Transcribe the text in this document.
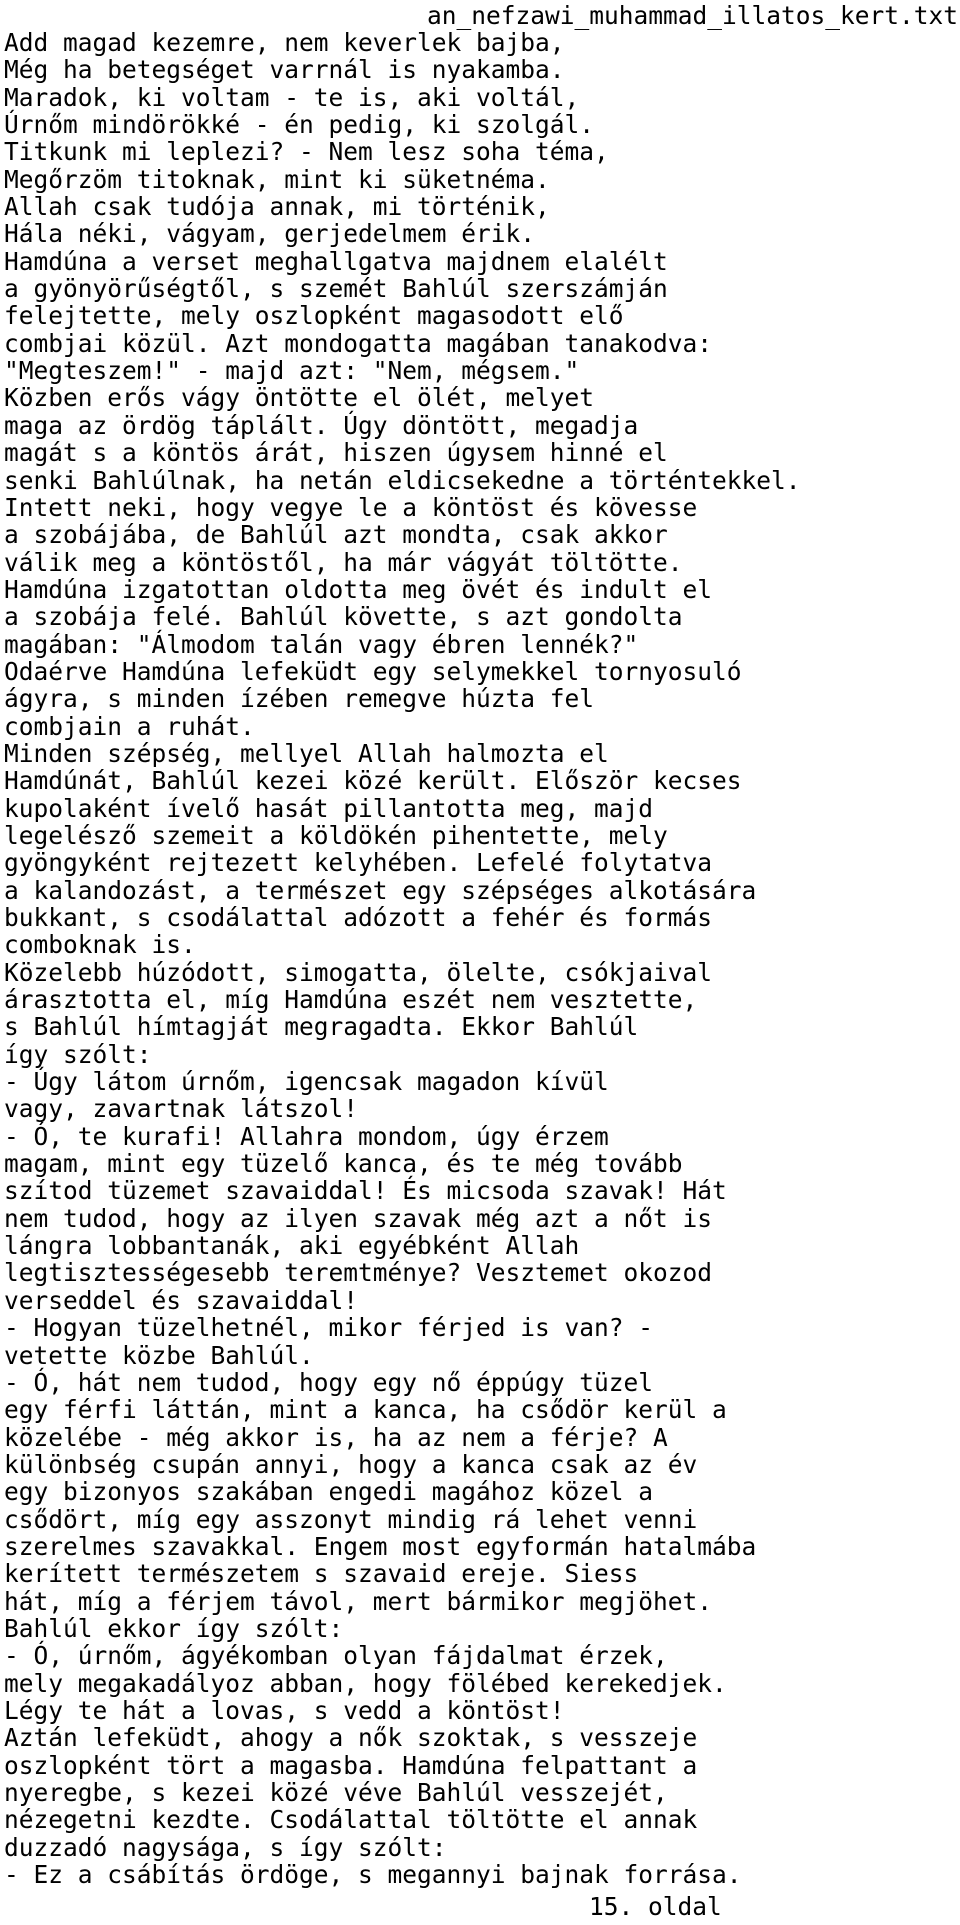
an_nefzawi_muhammad_illatos_kert.txt
Add magad kezemre, nem keverlek bajba,
Még ha betegséget varrnál is nyakamba.
Maradok, ki voltam - te is, aki voltál,
Úrnőm mindörökké - én pedig, ki szolgál.
Titkunk mi leplezi? - Nem lesz soha téma,
Megőrzöm titoknak, mint ki süketnéma.
Allah csak tudója annak, mi történik,
Hála néki, vágyam, gerjedelmem érik.
Hamdúna a verset meghallgatva majdnem elalélt
a gyönyörűségtől, s szemét Bahlúl szerszámján
felejtette, mely oszlopként magasodott elő
combjai közül. Azt mondogatta magában tanakodva:
"Megteszem!" - majd azt: "Nem, mégsem."
Közben erős vágy öntötte el ölét, melyet
maga az ördög táplált. Úgy döntött, megadja
magát s a köntös árát, hiszen úgysem hinné el
senki Bahlúlnak, ha netán eldicsekedne a történtekkel.
Intett neki, hogy vegye le a köntöst és kövesse
a szobájába, de Bahlúl azt mondta, csak akkor
válik meg a köntöstől, ha már vágyát töltötte.
Hamdúna izgatottan oldotta meg övét és indult el
a szobája felé. Bahlúl követte, s azt gondolta
magában: "Álmodom talán vagy ébren lennék?"
Odaérve Hamdúna lefeküdt egy selymekkel tornyosuló
ágyra, s minden ízében remegve húzta fel
combjain a ruhát.
Minden szépség, mellyel Allah halmozta el
Hamdúnát, Bahlúl kezei közé került. Először kecses
kupolaként ívelő hasát pillantotta meg, majd
legelésző szemeit a köldökén pihentette, mely
gyöngyként rejtezett kelyhében. Lefelé folytatva
a kalandozást, a természet egy szépséges alkotására
bukkant, s csodálattal adózott a fehér és formás
comboknak is.
Közelebb húzódott, simogatta, ölelte, csókjaival
árasztotta el, míg Hamdúna eszét nem vesztette,
s Bahlúl hímtagját megragadta. Ekkor Bahlúl
így szólt:
- Úgy látom úrnőm, igencsak magadon kívül
vagy, zavartnak látszol!
- Ó, te kurafi! Allahra mondom, úgy érzem
magam, mint egy tüzelő kanca, és te még tovább
szítod tüzemet szavaiddal! És micsoda szavak! Hát
nem tudod, hogy az ilyen szavak még azt a nőt is
lángra lobbantanák, aki egyébként Allah
legtisztességesebb teremtménye? Vesztemet okozod
verseddel és szavaiddal!
- Hogyan tüzelhetnél, mikor férjed is van? -
vetette közbe Bahlúl.
- Ó, hát nem tudod, hogy egy nő éppúgy tüzel
egy férfi láttán, mint a kanca, ha csődör kerül a
közelébe - még akkor is, ha az nem a férje? A
különbség csupán annyi, hogy a kanca csak az év
egy bizonyos szakában engedi magához közel a
csődört, míg egy asszonyt mindig rá lehet venni
szerelmes szavakkal. Engem most egyformán hatalmába
kerített természetem s szavaid ereje. Siess
hát, míg a férjem távol, mert bármikor megjöhet.
Bahlúl ekkor így szólt:
- Ó, úrnőm, ágyékomban olyan fájdalmat érzek,
mely megakadályoz abban, hogy fölébed kerekedjek.
Légy te hát a lovas, s vedd a köntöst!
Aztán lefeküdt, ahogy a nők szoktak, s vesszeje
oszlopként tört a magasba. Hamdúna felpattant a
nyeregbe, s kezei közé véve Bahlúl vesszejét,
nézegetni kezdte. Csodálattal töltötte el annak
duzzadó nagysága, s így szólt:
- Ez a csábítás ördöge, s megannyi bajnak forrása.
15. oldal
